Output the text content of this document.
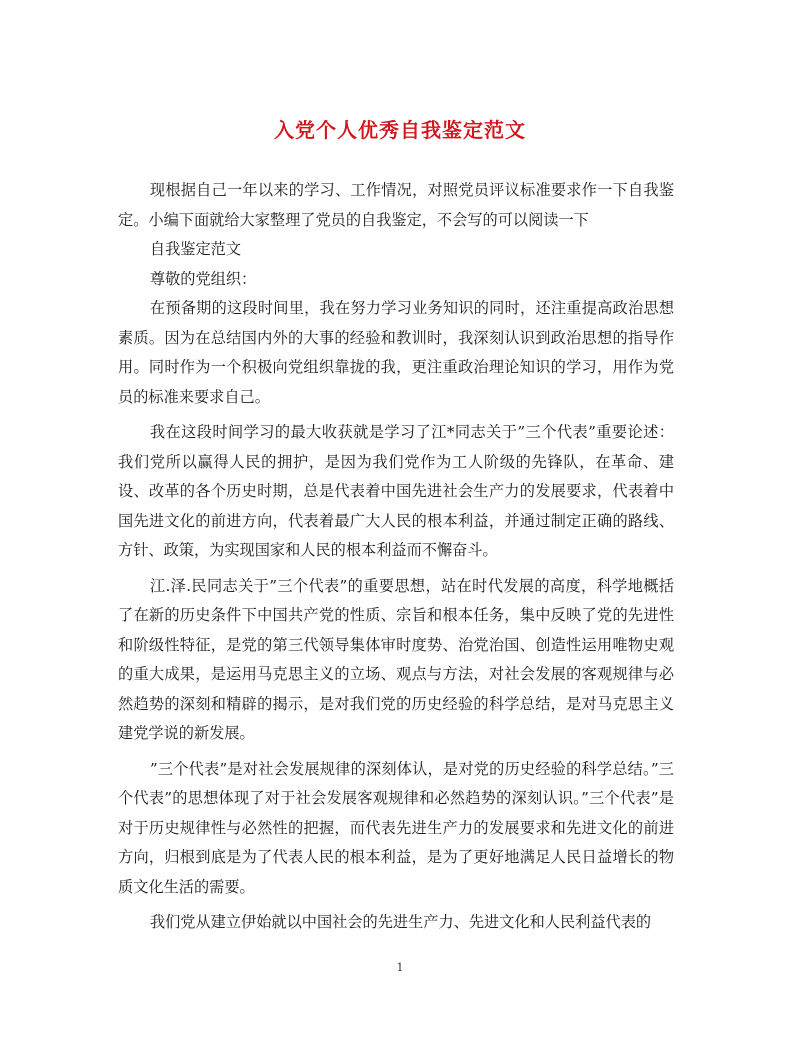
入党个人优秀自我鉴定范文

现根据自己一年以来的学习、工作情况，对照党员评议标准要求作一下自我鉴定。小编下面就给大家整理了党员的自我鉴定，不会写的可以阅读一下

自我鉴定范文

尊敬的党组织：

在预备期的这段时间里，我在努力学习业务知识的同时，还注重提高政治思想素质。因为在总结国内外的大事的经验和教训时，我深刻认识到政治思想的指导作用。同时作为一个积极向党组织靠拢的我，更注重政治理论知识的学习，用作为党员的标准来要求自己。

我在这段时间学习的最大收获就是学习了江*同志关于”三个代表”重要论述：我们党所以赢得人民的拥护，是因为我们党作为工人阶级的先锋队，在革命、建设、改革的各个历史时期，总是代表着中国先进社会生产力的发展要求，代表着中国先进文化的前进方向，代表着最广大人民的根本利益，并通过制定正确的路线、方针、政策，为实现国家和人民的根本利益而不懈奋斗。

江.泽.民同志关于”三个代表”的重要思想，站在时代发展的高度，科学地概括了在新的历史条件下中国共产党的性质、宗旨和根本任务，集中反映了党的先进性和阶级性特征，是党的第三代领导集体审时度势、治党治国、创造性运用唯物史观的重大成果，是运用马克思主义的立场、观点与方法，对社会发展的客观规律与必然趋势的深刻和精辟的揭示，是对我们党的历史经验的科学总结，是对马克思主义建党学说的新发展。

”三个代表”是对社会发展规律的深刻体认，是对党的历史经验的科学总结。”三个代表”的思想体现了对于社会发展客观规律和必然趋势的深刻认识。”三个代表”是对于历史规律性与必然性的把握，而代表先进生产力的发展要求和先进文化的前进方向，归根到底是为了代表人民的根本利益，是为了更好地满足人民日益增长的物质文化生活的需要。

我们党从建立伊始就以中国社会的先进生产力、先进文化和人民利益代表的

1
